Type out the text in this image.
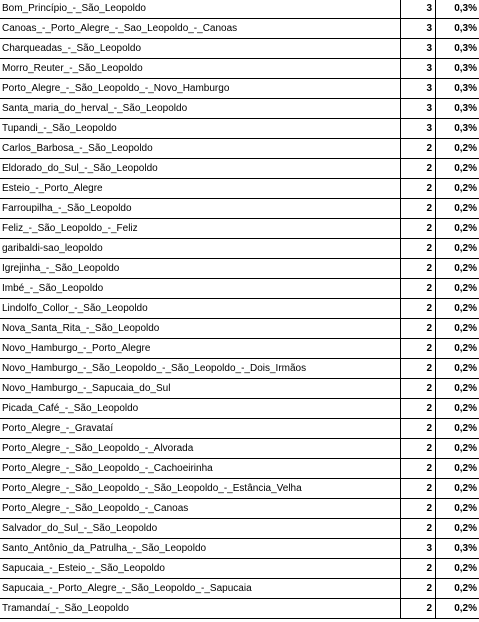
Bom_Princípio_-_São_Leopoldo	3	0,3%
Canoas_-_Porto_Alegre_-_Sao_Leopoldo_-_Canoas	3	0,3%
Charqueadas_-_São_Leopoldo	3	0,3%
Morro_Reuter_-_São_Leopoldo	3	0,3%
Porto_Alegre_-_São_Leopoldo_-_Novo_Hamburgo	3	0,3%
Santa_maria_do_herval_-_São_Leopoldo	3	0,3%
Tupandi_-_São_Leopoldo	3	0,3%
Carlos_Barbosa_-_São_Leopoldo	2	0,2%
Eldorado_do_Sul_-_São_Leopoldo	2	0,2%
Esteio_-_Porto_Alegre	2	0,2%
Farroupilha_-_São_Leopoldo	2	0,2%
Feliz_-_São_Leopoldo_-_Feliz	2	0,2%
garibaldi-sao_leopoldo	2	0,2%
Igrejinha_-_São_Leopoldo	2	0,2%
Imbé_-_São_Leopoldo	2	0,2%
Lindolfo_Collor_-_São_Leopoldo	2	0,2%
Nova_Santa_Rita_-_São_Leopoldo	2	0,2%
Novo_Hamburgo_-_Porto_Alegre	2	0,2%
Novo_Hamburgo_-_São_Leopoldo_-_São_Leopoldo_-_Dois_Irmãos	2	0,2%
Novo_Hamburgo_-_Sapucaia_do_Sul	2	0,2%
Picada_Café_-_São_Leopoldo	2	0,2%
Porto_Alegre_-_Gravataí	2	0,2%
Porto_Alegre_-_São_Leopoldo_-_Alvorada	2	0,2%
Porto_Alegre_-_São_Leopoldo_-_Cachoeirinha	2	0,2%
Porto_Alegre_-_São_Leopoldo_-_São_Leopoldo_-_Estância_Velha	2	0,2%
Porto_Alegre_-_São_Leopoldo_-_Canoas	2	0,2%
Salvador_do_Sul_-_São_Leopoldo	2	0,2%
Santo_Antônio_da_Patrulha_-_São_Leopoldo	3	0,3%
Sapucaia_-_Esteio_-_São_Leopoldo	2	0,2%
Sapucaia_-_Porto_Alegre_-_São_Leopoldo_-_Sapucaia	2	0,2%
Tramandaí_-_São_Leopoldo	2	0,2%
